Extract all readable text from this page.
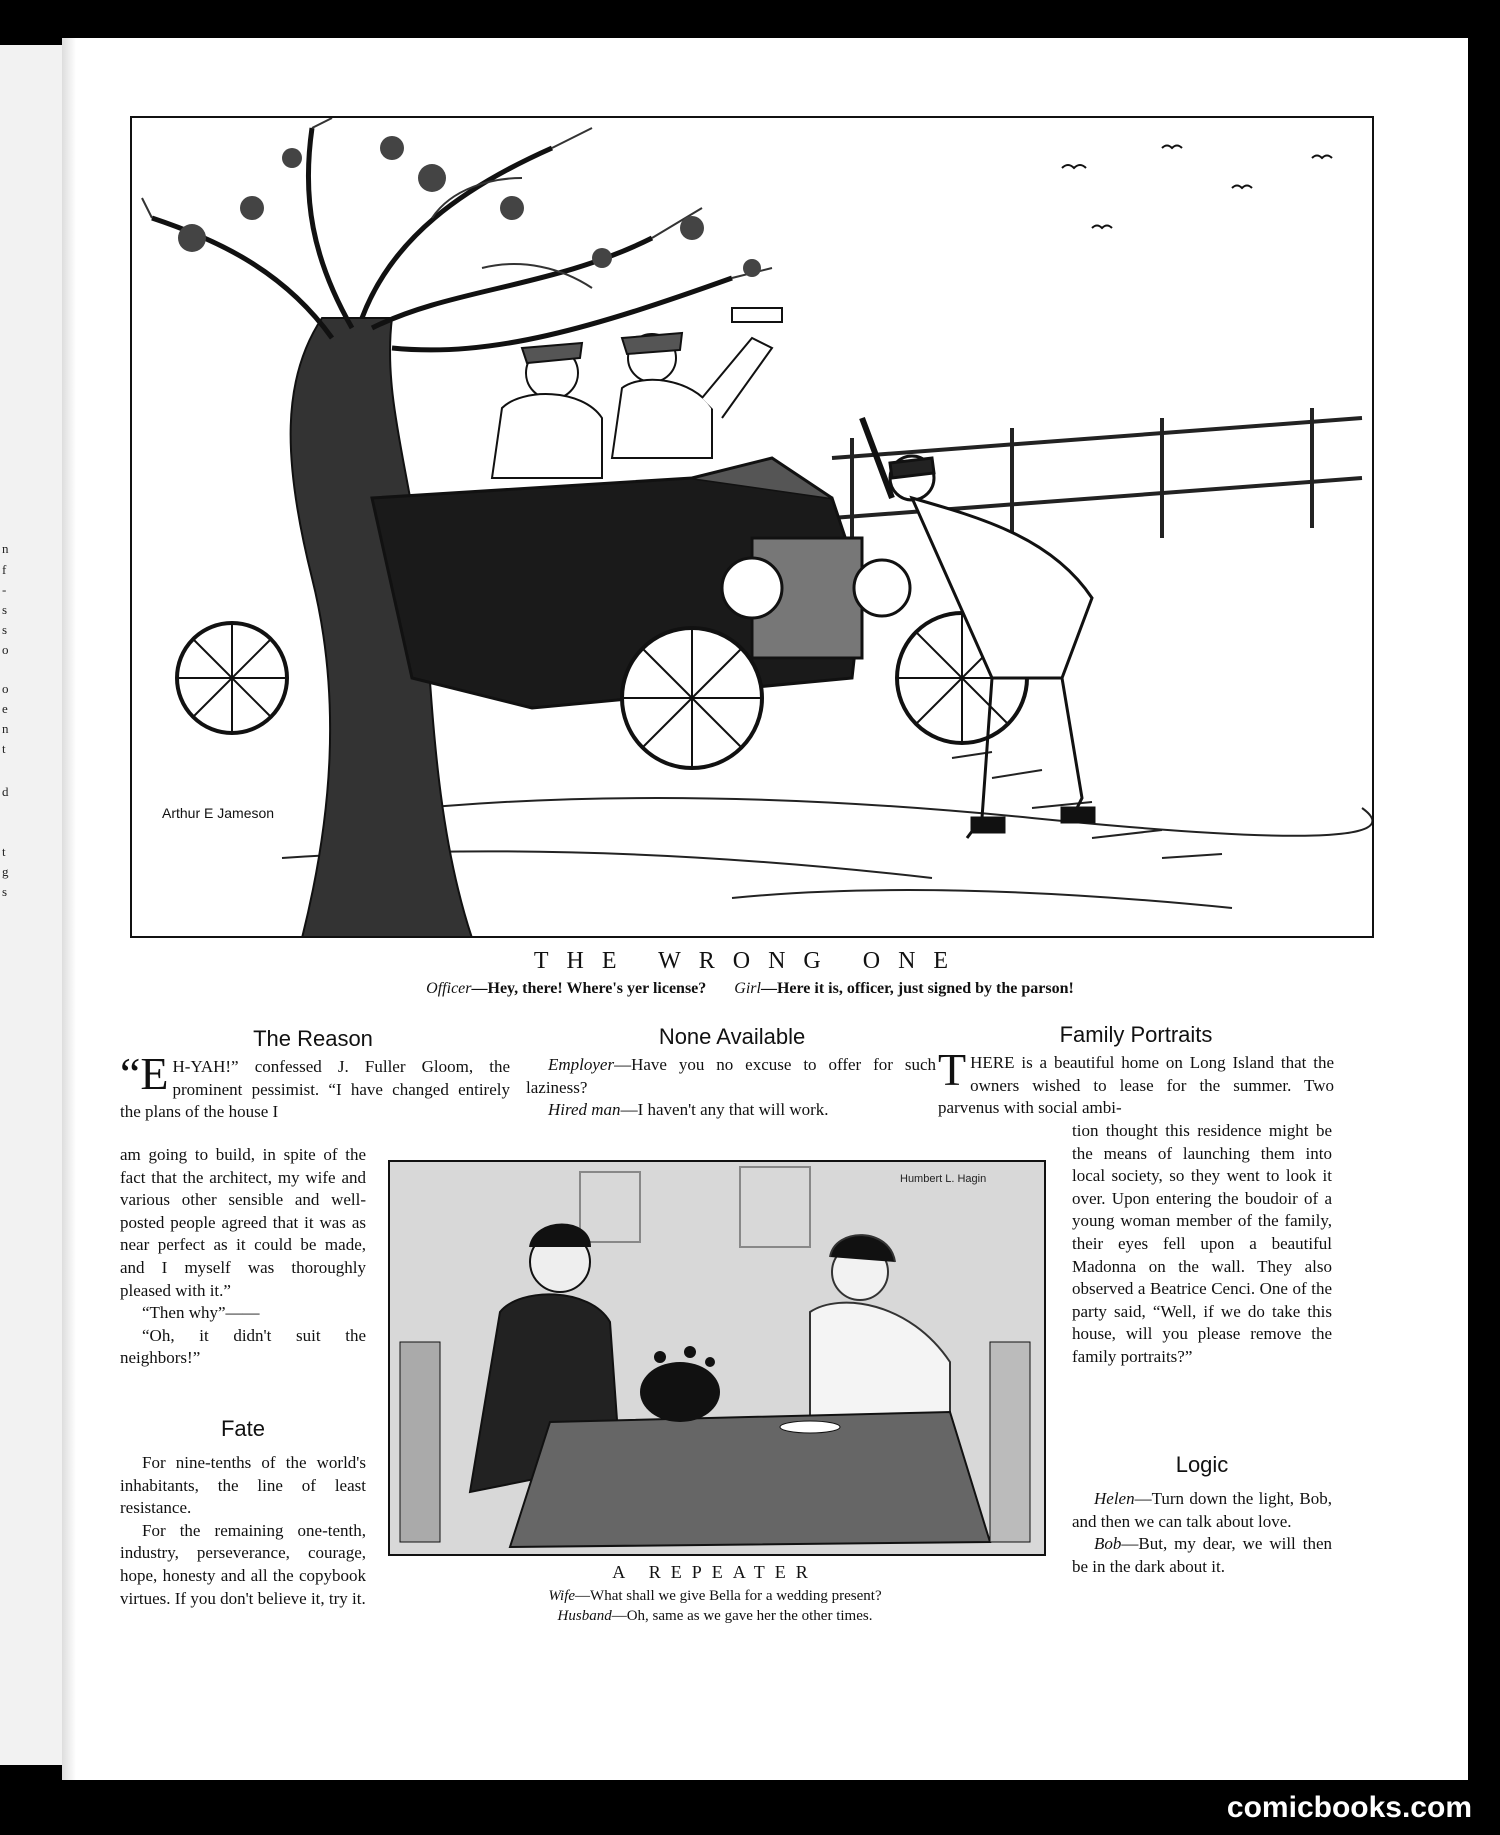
n
f
-
s
s
o
o
e
n
t
d
t
g
s
Arthur E Jameson
THE WRONG ONE
Officer—Hey, there! Where's yer license? Girl—Here it is, officer, just signed by the parson!
The Reason

“E H-YAH!” confessed J. Fuller Gloom, the prominent pessimist. “I have changed entirely the plans of the house I

am going to build, in spite of the fact that the architect, my wife and various other sensible and well-posted people agreed that it was as near perfect as it could be made, and I myself was thoroughly pleased with it.”

“Then why”——

“Oh, it didn't suit the neighbors!”

Fate

For nine-tenths of the world's inhabitants, the line of least resistance.

For the remaining one-tenth, industry, perseverance, courage, hope, honesty and all the copybook virtues. If you don't believe it, try it.

None Available

Employer—Have you no excuse to offer for such laziness?

Hired man—I haven't any that will work.

Humbert L. Hagin
A REPEATER
Wife—What shall we give Bella for a wedding present?
Husband—Oh, same as we gave her the other times.
Family Portraits

THERE is a beautiful home on Long Island that the owners wished to lease for the summer. Two parvenus with social ambi-

tion thought this residence might be the means of launching them into local society, so they went to look it over. Upon entering the boudoir of a young woman member of the family, their eyes fell upon a beautiful Madonna on the wall. They also observed a Beatrice Cenci. One of the party said, “Well, if we do take this house, will you please remove the family portraits?”

Logic

Helen—Turn down the light, Bob, and then we can talk about love.

Bob—But, my dear, we will then be in the dark about it.

comicbooks.com
